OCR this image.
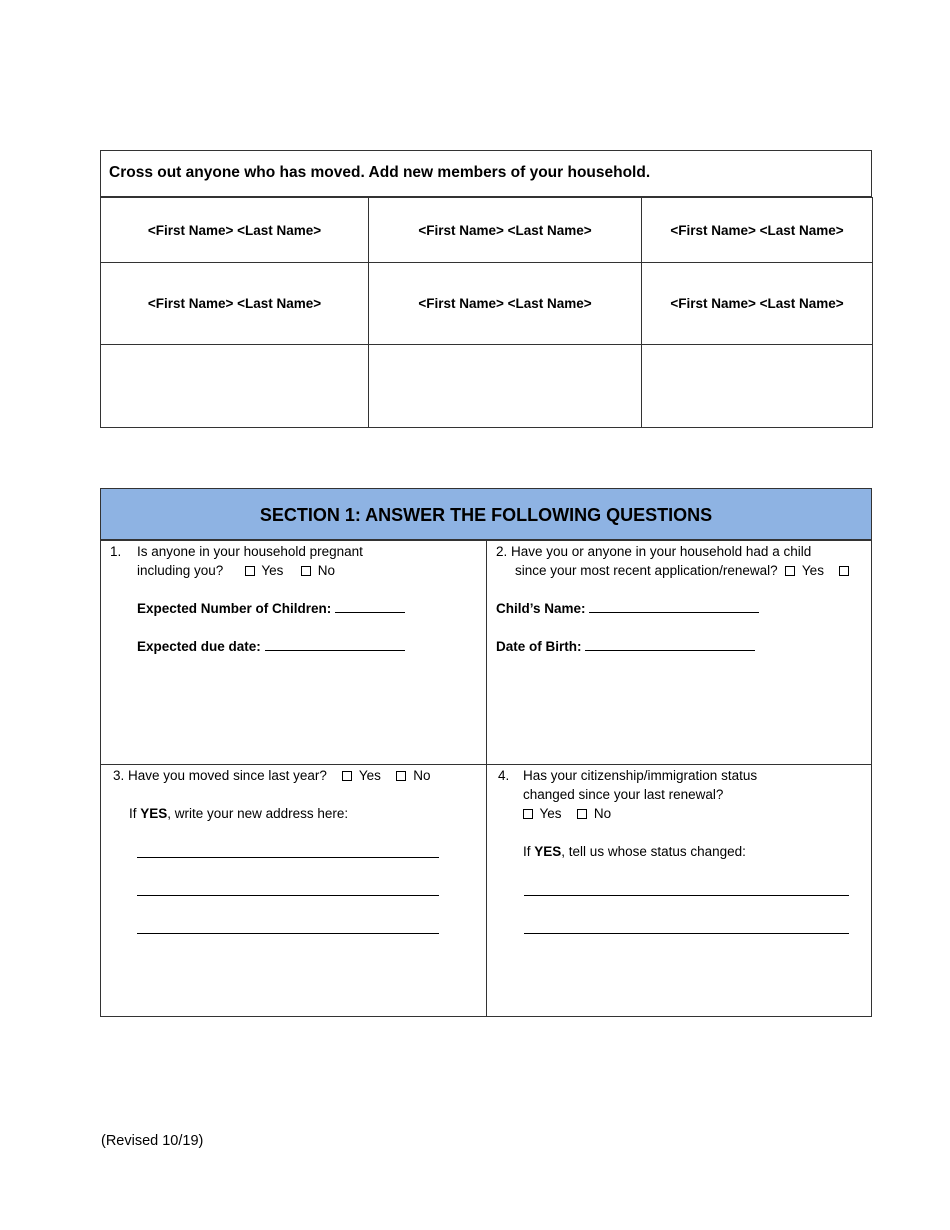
Cross out anyone who has moved. Add new members of your household.
<First Name> <Last Name>	<First Name> <Last Name>	<First Name> <Last Name>
<First Name> <Last Name>	<First Name> <Last Name>	<First Name> <Last Name>

SECTION 1: ANSWER THE FOLLOWING QUESTIONS
1. Is anyone in your household pregnant
including you?	Yes	No
Expected Number of Children:
Expected due date:
2. Have you or anyone in your household had a child
since your most recent application/renewal? Yes
Child’s Name:
Date of Birth:
3. Have you moved since last year? Yes No
If YES, write your new address here:
4. Has your citizenship/immigration status
changed since your last renewal?
Yes No
If YES, tell us whose status changed:
(Revised 10/19)
